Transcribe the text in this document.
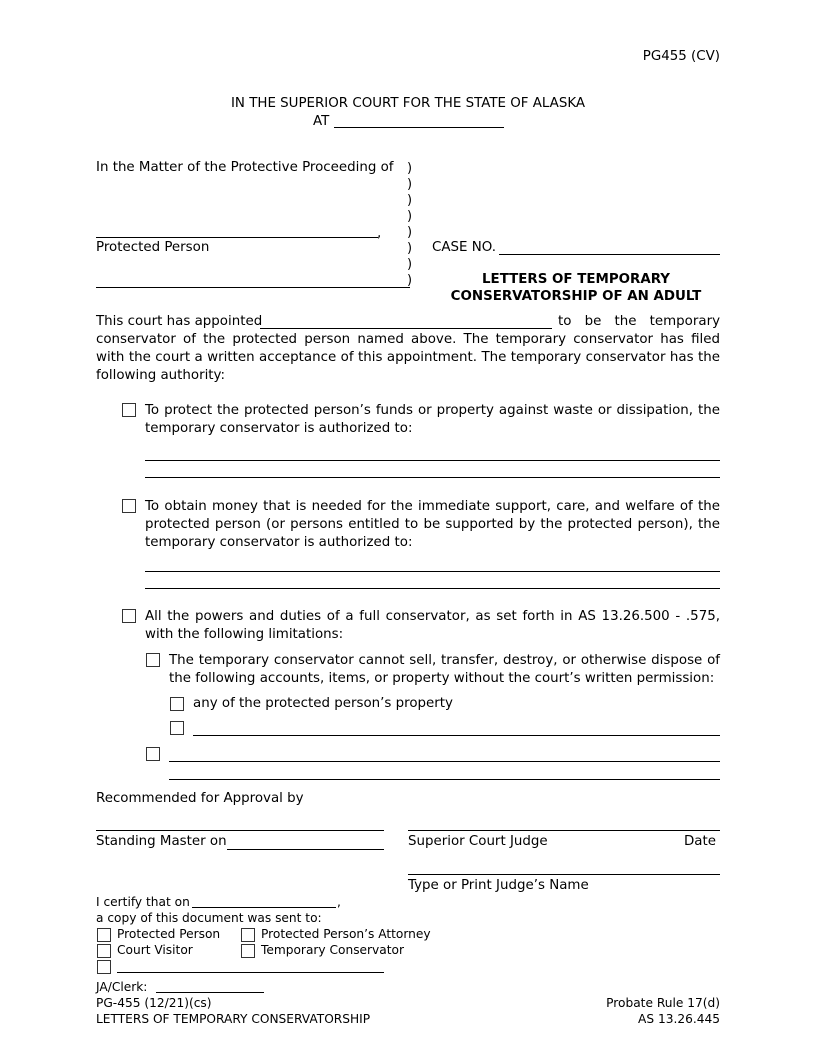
PG455 (CV)
IN THE SUPERIOR COURT FOR THE STATE OF ALASKA
AT
In the Matter of the Protective Proceeding of
,
Protected Person
)
)
)
)
)
)
)
)
CASE NO.
LETTERS OF TEMPORARY
CONSERVATORSHIP OF AN ADULT
This court has appointed	to be the temporary
conservator of the protected person named above. The temporary conservator has filed with the court a written acceptance of this appointment. The temporary conservator has the following authority:
To protect the protected person’s funds or property against waste or dissipation, the temporary conservator is authorized to:
To obtain money that is needed for the immediate support, care, and welfare of the protected person (or persons entitled to be supported by the protected person), the temporary conservator is authorized to:
All the powers and duties of a full conservator, as set forth in AS 13.26.500 - .575, with the following limitations:
The temporary conservator cannot sell, transfer, destroy, or otherwise dispose of the following accounts, items, or property without the court’s written permission:
any of the protected person’s property
Recommended for Approval by
Standing Master on	Superior Court Judge	Date
Type or Print Judge’s Name
I certify that on	,
a copy of this document was sent to:
Protected Person	Protected Person’s Attorney
Court Visitor	Temporary Conservator
JA/Clerk:
PG-455 (12/21)(cs)
LETTERS OF TEMPORARY CONSERVATORSHIP
Probate Rule 17(d)
AS 13.26.445
